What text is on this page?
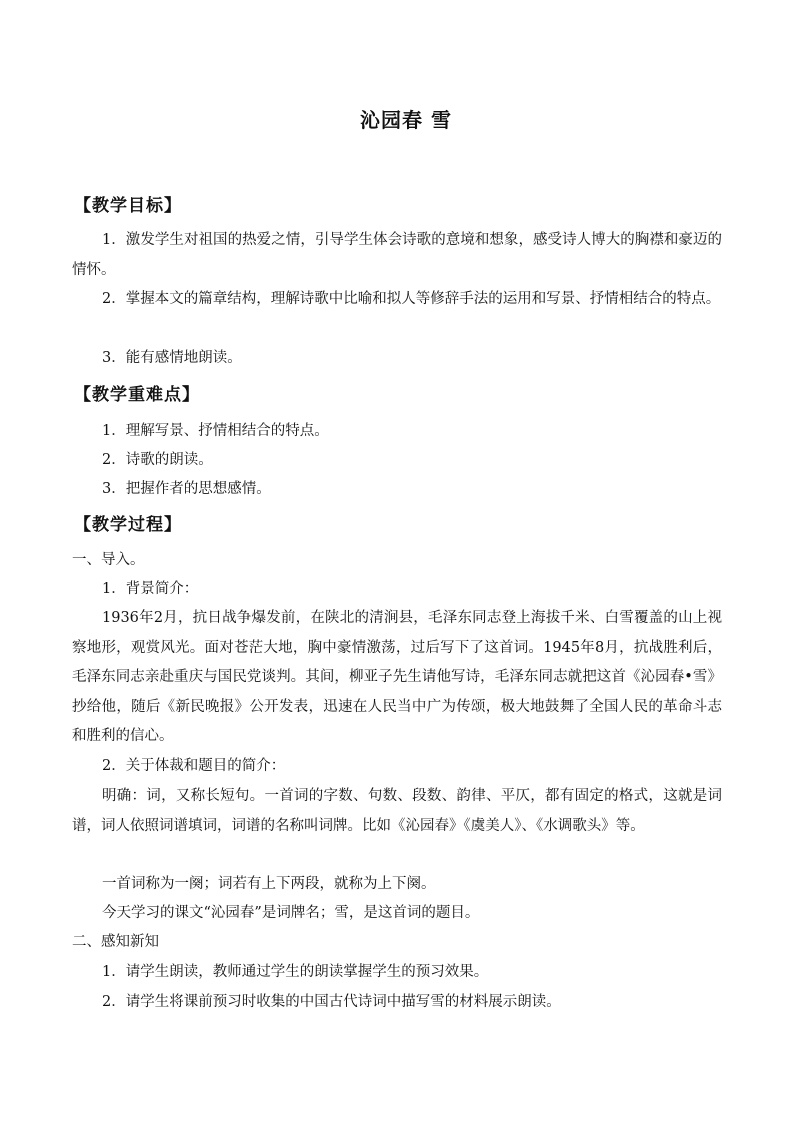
沁园春 雪
【教学目标】
1．激发学生对祖国的热爱之情，引导学生体会诗歌的意境和想象，感受诗人博大的胸襟和豪迈的情怀。
2．掌握本文的篇章结构，理解诗歌中比喻和拟人等修辞手法的运用和写景、抒情相结合的特点。
3．能有感情地朗读。
【教学重难点】
1．理解写景、抒情相结合的特点。
2．诗歌的朗读。
3．把握作者的思想感情。
【教学过程】
一、导入。
1．背景简介：
1936年2月，抗日战争爆发前，在陕北的清涧县，毛泽东同志登上海拔千米、白雪覆盖的山上视察地形，观赏风光。面对苍茫大地，胸中豪情激荡，过后写下了这首词。1945年8月，抗战胜利后，毛泽东同志亲赴重庆与国民党谈判。其间，柳亚子先生请他写诗，毛泽东同志就把这首《沁园春•雪》抄给他，随后《新民晚报》公开发表，迅速在人民当中广为传颂，极大地鼓舞了全国人民的革命斗志和胜利的信心。
2．关于体裁和题目的简介：
明确：词，又称长短句。一首词的字数、句数、段数、韵律、平仄，都有固定的格式，这就是词谱，词人依照词谱填词，词谱的名称叫词牌。比如《沁园春》《虞美人》、《水调歌头》等。
一首词称为一阕；词若有上下两段，就称为上下阕。
今天学习的课文“沁园春”是词牌名；雪，是这首词的题目。
二、感知新知
1．请学生朗读，教师通过学生的朗读掌握学生的预习效果。
2．请学生将课前预习时收集的中国古代诗词中描写雪的材料展示朗读。
